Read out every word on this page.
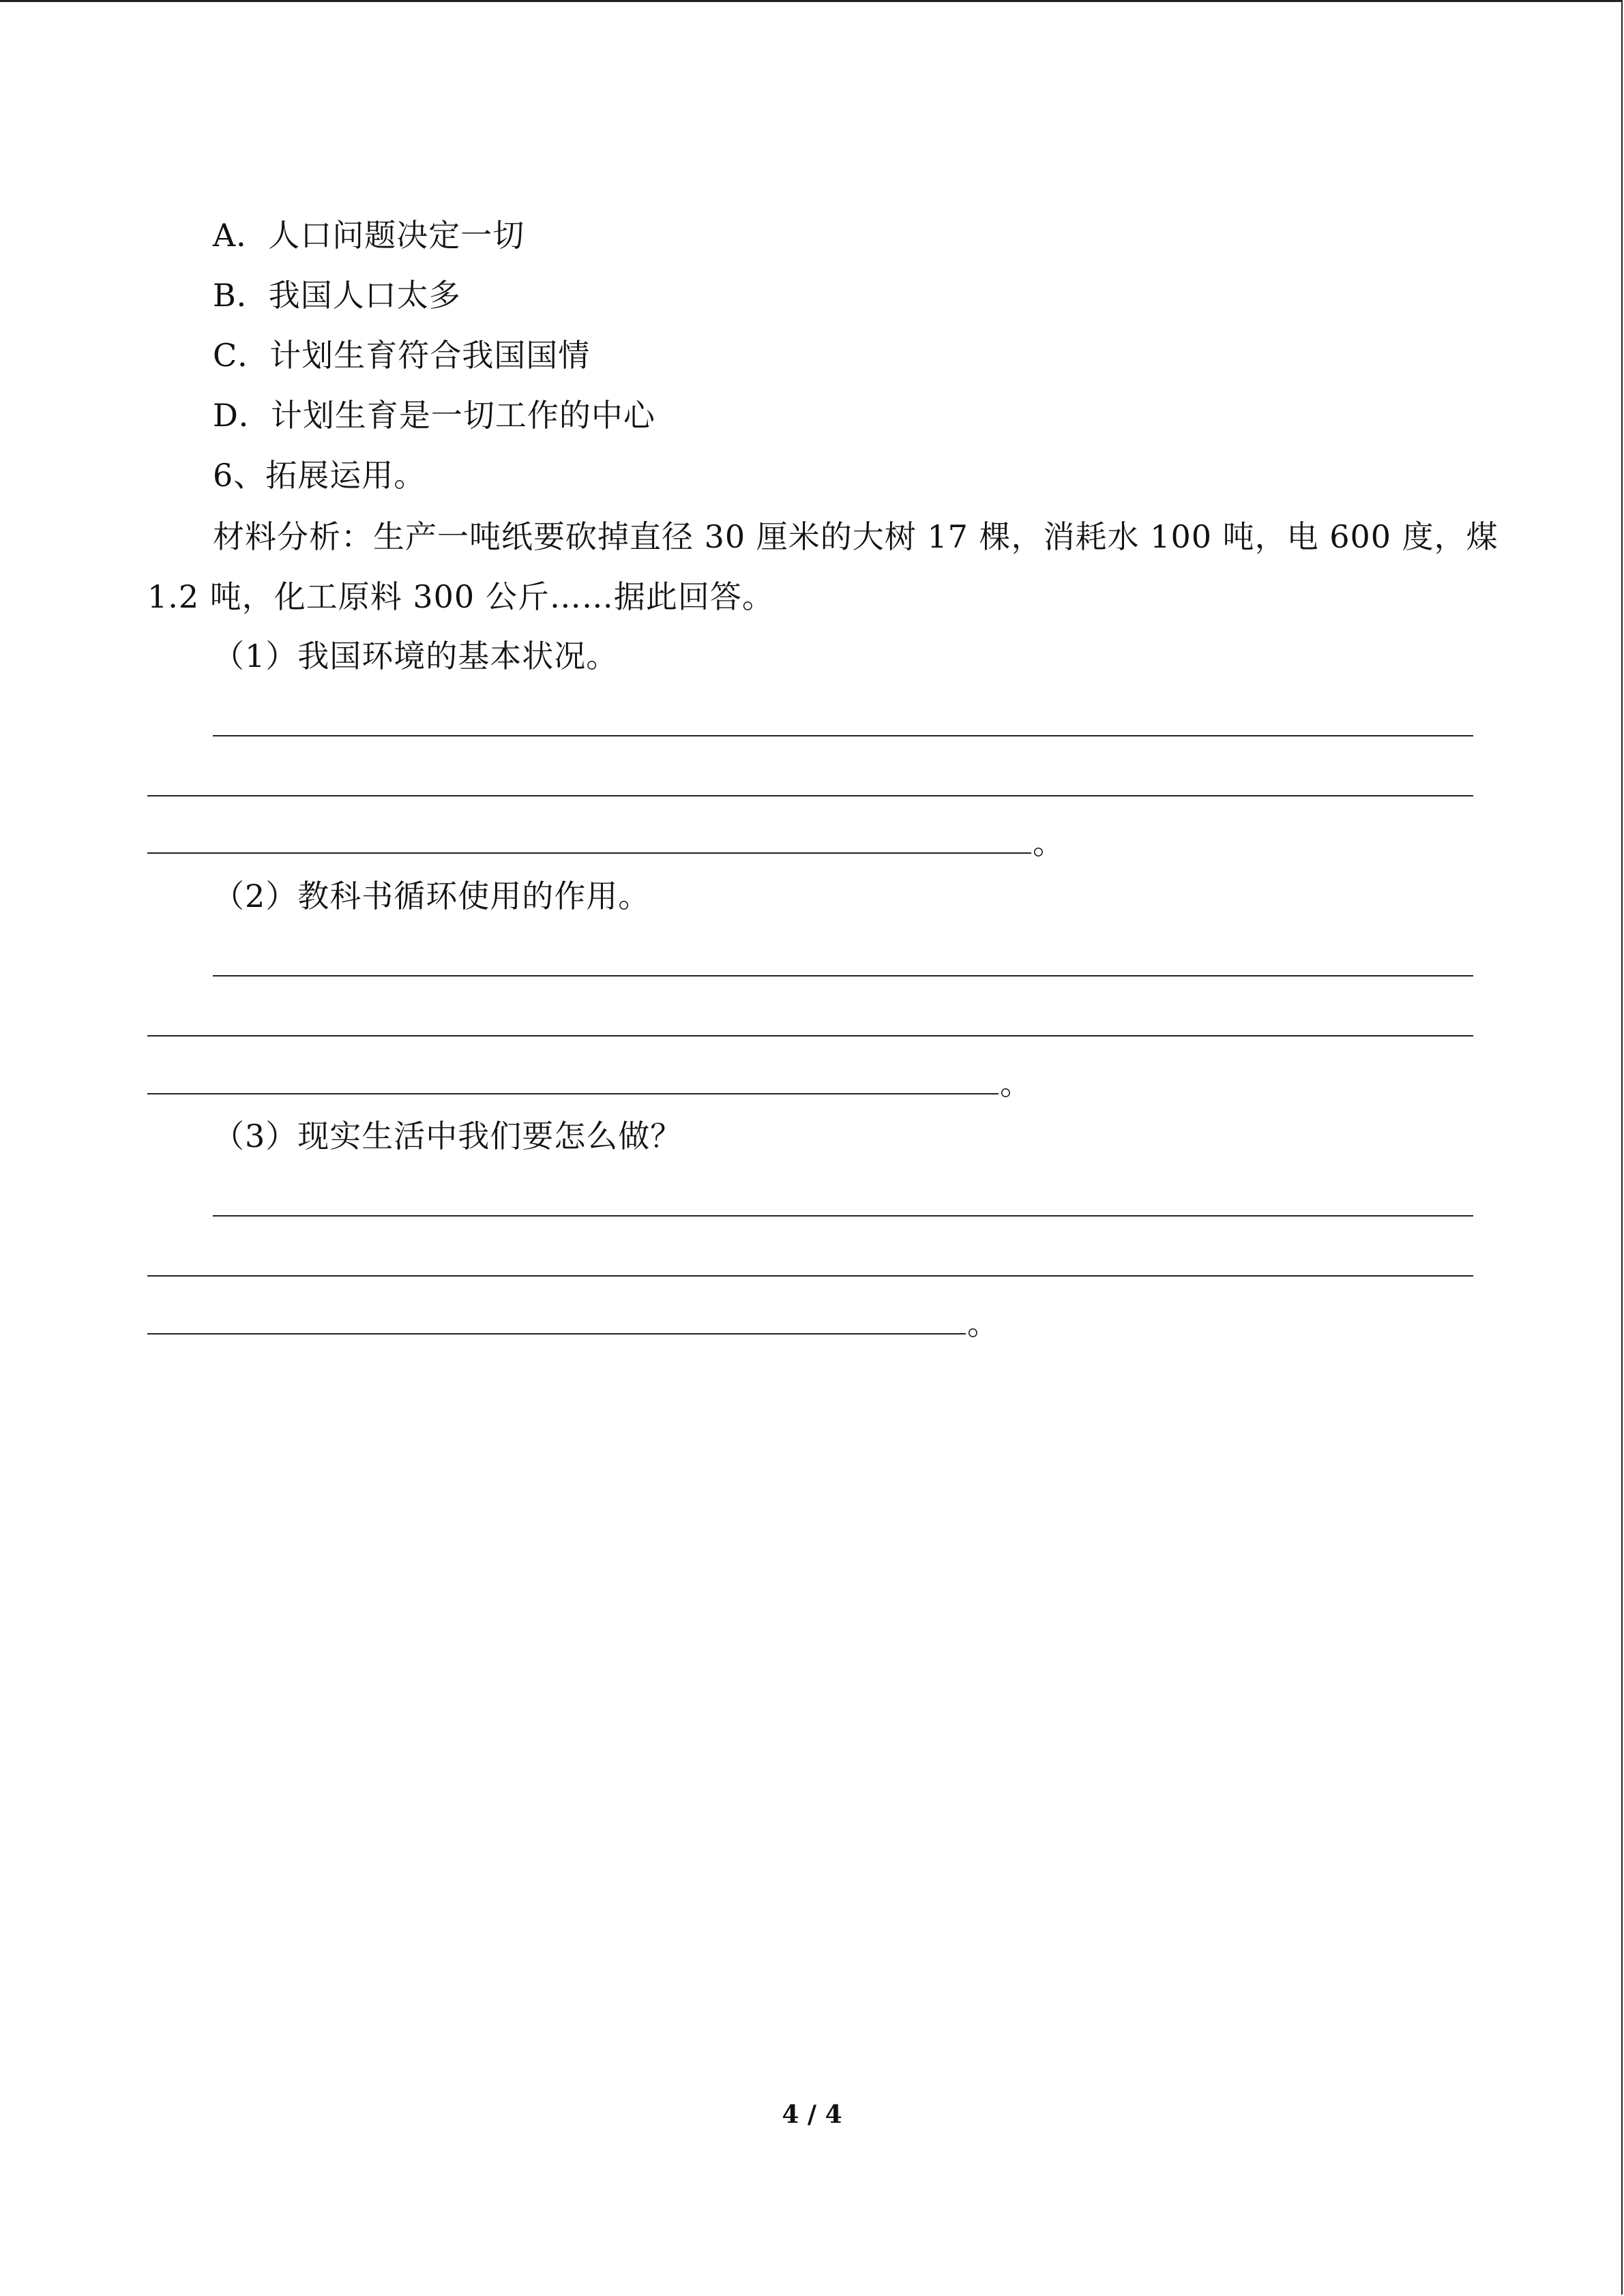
A．人口问题决定一切
B．我国人口太多
C．计划生育符合我国国情
D．计划生育是一切工作的中心
6、拓展运用。
材料分析：生产一吨纸要砍掉直径 30 厘米的大树 17 棵，消耗水 100 吨，电 600 度，煤
1.2 吨，化工原料 300 公斤……据此回答。
（1）我国环境的基本状况。
。
（2）教科书循环使用的作用。
。
（3）现实生活中我们要怎么做？
。
4 / 4
